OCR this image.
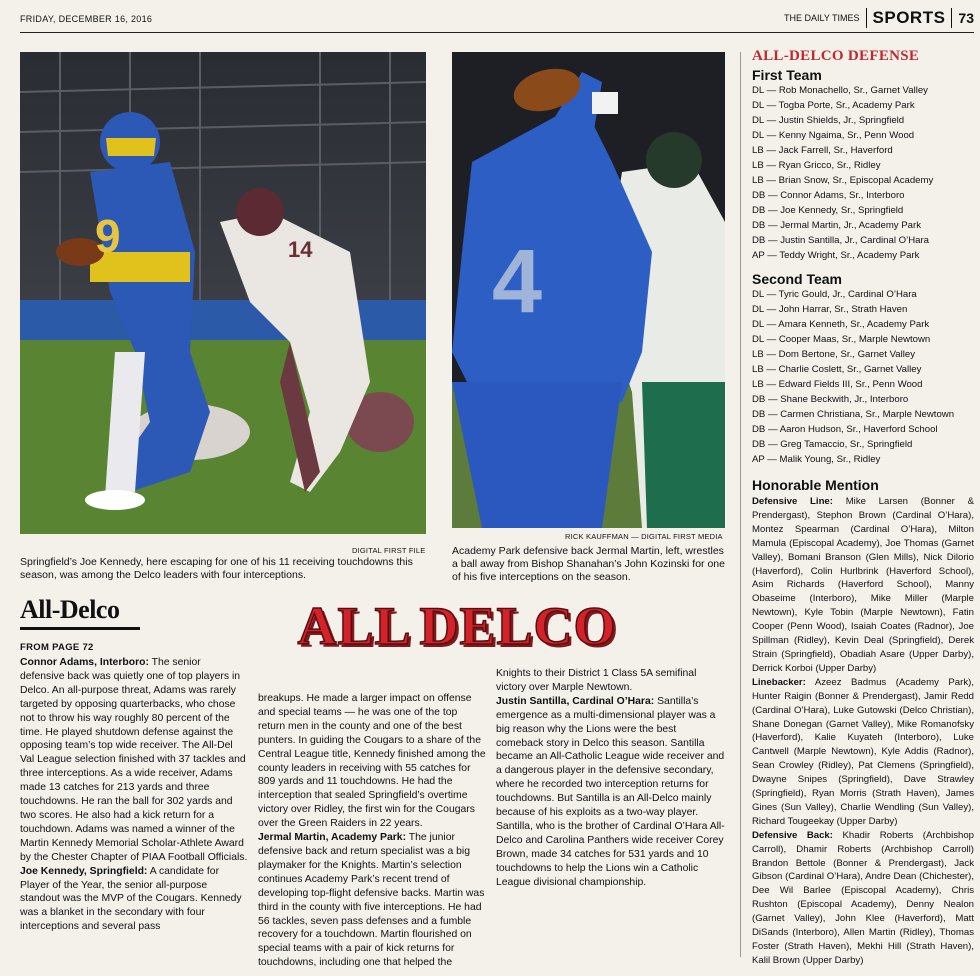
FRIDAY, DECEMBER 16, 2016	THE DAILY TIMES SPORTS 73
14
9
DIGITAL FIRST FILE
Springfield’s Joe Kennedy, here escaping for one of his 11 receiving touchdowns this season, was among the Delco leaders with four interceptions.
4
RICK KAUFFMAN — DIGITAL FIRST MEDIA
Academy Park defensive back Jermal Martin, left, wrestles a ball away from Bishop Shanahan’s John Kozinski for one of his five interceptions on the season.
All-Delco
FROM PAGE 72	ALL DELCO

Connor Adams, Interboro: The senior defensive back was quietly one of top players in Delco. An all-purpose threat, Adams was rarely targeted by opposing quarterbacks, who chose not to throw his way roughly 80 percent of the time. He played shutdown defense against the opposing team’s top wide receiver. The All-Del Val League selection finished with 37 tackles and three interceptions. As a wide receiver, Adams made 13 catches for 213 yards and three touchdowns. He ran the ball for 302 yards and two scores. He also had a kick return for a touchdown. Adams was named a winner of the Martin Kennedy Memorial Scholar-Athlete Award by the Chester Chapter of PIAA Football Officials.

Joe Kennedy, Springfield: A candidate for Player of the Year, the senior all-purpose standout was the MVP of the Cougars. Kennedy was a blanket in the secondary with four interceptions and several pass

breakups. He made a larger impact on offense and special teams — he was one of the top return men in the county and one of the best punters. In guiding the Cougars to a share of the Central League title, Kennedy finished among the county leaders in receiving with 55 catches for 809 yards and 11 touchdowns. He had the interception that sealed Springfield’s overtime victory over Ridley, the first win for the Cougars over the Green Raiders in 22 years.

Jermal Martin, Academy Park: The junior defensive back and return specialist was a big playmaker for the Knights. Martin’s selection continues Academy Park’s recent trend of developing top-flight defensive backs. Martin was third in the county with five interceptions. He had 56 tackles, seven pass defenses and a fumble recovery for a touchdown. Martin flourished on special teams with a pair of kick returns for touchdowns, including one that helped the

Knights to their District 1 Class 5A semifinal victory over Marple Newtown.

Justin Santilla, Cardinal O’Hara: Santilla’s emergence as a multi-dimensional player was a big reason why the Lions were the best comeback story in Delco this season. Santilla became an All-Catholic League wide receiver and a dangerous player in the defensive secondary, where he recorded two interception returns for touchdowns. But Santilla is an All-Delco mainly because of his exploits as a two-way player. Santilla, who is the brother of Cardinal O’Hara All-Delco and Carolina Panthers wide receiver Corey Brown, made 34 catches for 531 yards and 10 touchdowns to help the Lions win a Catholic League divisional championship.

ALL-DELCO DEFENSE
First Team
DL — Rob Monachello, Sr., Garnet Valley
DL — Togba Porte, Sr., Academy Park
DL — Justin Shields, Jr., Springfield
DL — Kenny Ngaima, Sr., Penn Wood
LB — Jack Farrell, Sr., Haverford
LB — Ryan Gricco, Sr., Ridley
LB — Brian Snow, Sr., Episcopal Academy
DB — Connor Adams, Sr., Interboro
DB — Joe Kennedy, Sr., Springfield
DB — Jermal Martin, Jr., Academy Park
DB — Justin Santilla, Jr., Cardinal O’Hara
AP — Teddy Wright, Sr., Academy Park
Second Team
DL — Tyric Gould, Jr., Cardinal O’Hara
DL — John Harrar, Sr., Strath Haven
DL — Amara Kenneth, Sr., Academy Park
DL — Cooper Maas, Sr., Marple Newtown
LB — Dom Bertone, Sr., Garnet Valley
LB — Charlie Coslett, Sr., Garnet Valley
LB — Edward Fields III, Sr., Penn Wood
DB — Shane Beckwith, Jr., Interboro
DB — Carmen Christiana, Sr., Marple Newtown
DB — Aaron Hudson, Sr., Haverford School
DB — Greg Tamaccio, Sr., Springfield
AP — Malik Young, Sr., Ridley
Honorable Mention

Defensive Line: Mike Larsen (Bonner & Prendergast), Stephon Brown (Cardinal O’Hara), Montez Spearman (Cardinal O’Hara), Milton Mamula (Episcopal Academy), Joe Thomas (Garnet Valley), Bomani Branson (Glen Mills), Nick Dilorio (Haverford), Colin Hurlbrink (Haverford School), Asim Richards (Haverford School), Manny Obaseime (Interboro), Mike Miller (Marple Newtown), Kyle Tobin (Marple Newtown), Fatin Cooper (Penn Wood), Isaiah Coates (Radnor), Joe Spillman (Ridley), Kevin Deal (Springfield), Derek Strain (Springfield), Obadiah Asare (Upper Darby), Derrick Korboi (Upper Darby)

Linebacker: Azeez Badmus (Academy Park), Hunter Raigin (Bonner & Prendergast), Jamir Redd (Cardinal O’Hara), Luke Gutowski (Delco Christian), Shane Donegan (Garnet Valley), Mike Romanofsky (Haverford), Kalie Kuyateh (Interboro), Luke Cantwell (Marple Newtown), Kyle Addis (Radnor), Sean Crowley (Ridley), Pat Clemens (Springfield), Dwayne Snipes (Springfield), Dave Strawley (Springfield), Ryan Morris (Strath Haven), James Gines (Sun Valley), Charlie Wendling (Sun Valley), Richard Tougeekay (Upper Darby)

Defensive Back: Khadir Roberts (Archbishop Carroll), Dhamir Roberts (Archbishop Carroll) Brandon Bettole (Bonner & Prendergast), Jack Gibson (Cardinal O’Hara), Andre Dean (Chichester), Dee Wil Barlee (Episcopal Academy), Chris Rushton (Episcopal Academy), Denny Nealon (Garnet Valley), John Klee (Haverford), Matt DiSands (Interboro), Allen Martin (Ridley), Thomas Foster (Strath Haven), Mekhi Hill (Strath Haven), Kalil Brown (Upper Darby)
